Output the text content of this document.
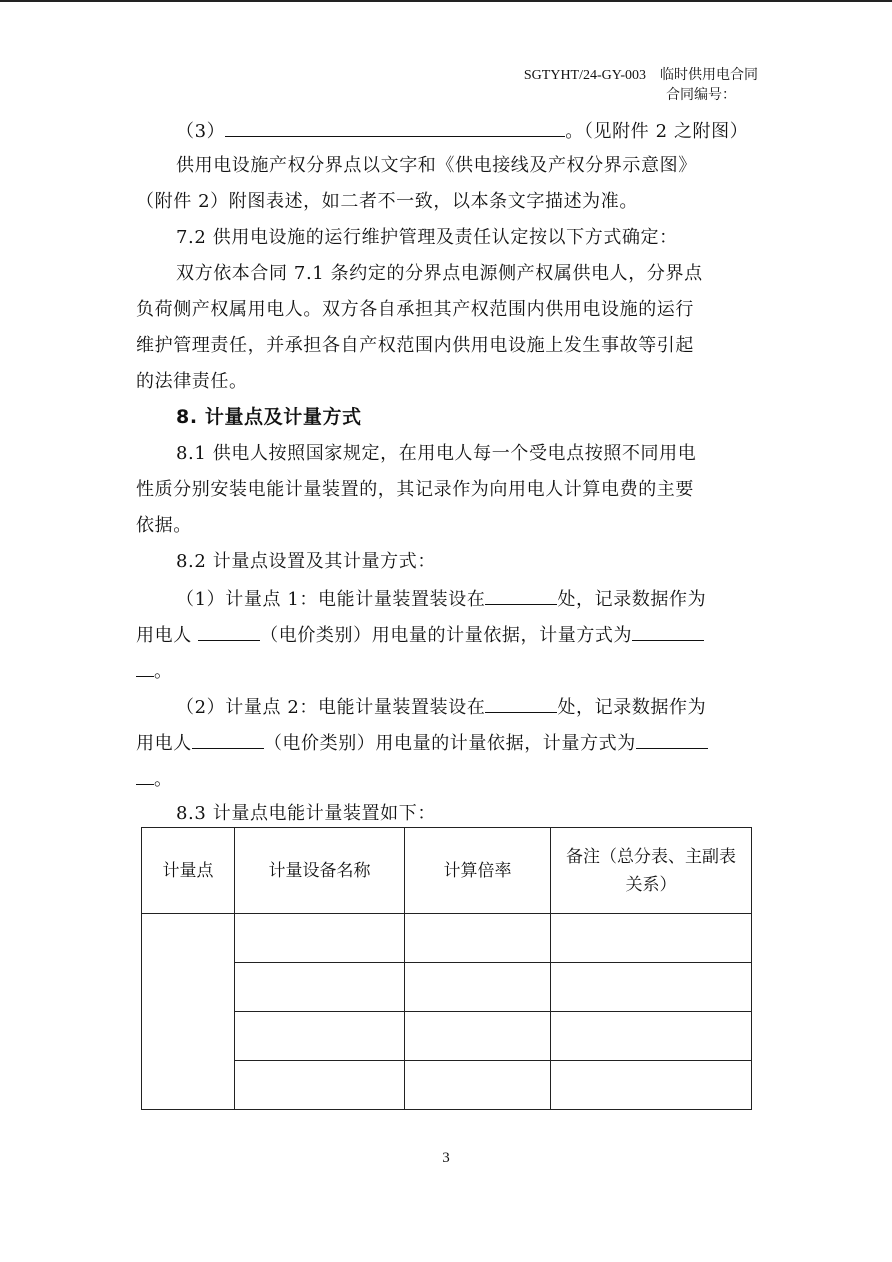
SGTYHT/24-GY-003 临时供用电合同
合同编号：
（3）	。（见附件 2 之附图）
供用电设施产权分界点以文字和《供电接线及产权分界示意图》
（附件 2）附图表述，如二者不一致，以本条文字描述为准。
7.2 供用电设施的运行维护管理及责任认定按以下方式确定：
双方依本合同 7.1 条约定的分界点电源侧产权属供电人，分界点
负荷侧产权属用电人。双方各自承担其产权范围内供用电设施的运行
维护管理责任，并承担各自产权范围内供用电设施上发生事故等引起
的法律责任。
8. 计量点及计量方式
8.1 供电人按照国家规定，在用电人每一个受电点按照不同用电
性质分别安装电能计量装置的，其记录作为向用电人计算电费的主要
依据。
8.2 计量点设置及其计量方式：
（1）计量点 1：电能计量装置装设在	处，记录数据作为
用电人	（电价类别）用电量的计量依据，计量方式为
。
（2）计量点 2：电能计量装置装设在	处，记录数据作为
用电人	（电价类别）用电量的计量依据，计量方式为
。
8.3 计量点电能计量装置如下：
计量点	计量设备名称	计算倍率	备注（总分表、主副表关系）

3
